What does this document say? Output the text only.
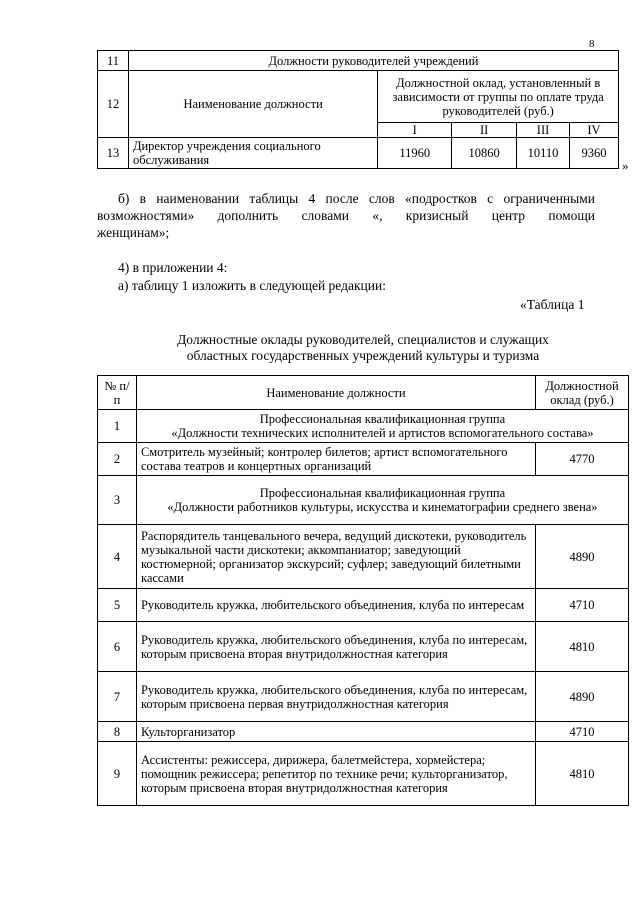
8
11	Должности руководителей учреждений				
12	Наименование должности	Должностной оклад, установленный в зависимости от группы по оплате труда руководителей (руб.)			
		I	II	III	IV
13	Директор учреждения социального обслуживания	11960	10860	10110	9360
»
б) в наименовании таблицы 4 после слов «подростков с ограниченными
возможностями» дополнить словами «, кризисный центр помощи
женщинам»;
4) в приложении 4:
а) таблицу 1 изложить в следующей редакции:
«Таблица 1
Должностные оклады руководителей, специалистов и служащих
областных государственных учреждений культуры и туризма
№ п/п	Наименование должности	Должностной оклад (руб.)
1	Профессиональная квалификационная группа
«Должности технических исполнителей и артистов вспомогательного состава»	

2	Смотритель музейный; контролер билетов; артист вспомогательного состава театров и концертных организаций	4770
3	Профессиональная квалификационная группа
«Должности работников культуры, искусства и кинематографии среднего звена»	

4	Распорядитель танцевального вечера, ведущий дискотеки, руководитель музыкальной части дискотеки; аккомпаниатор; заведующий костюмерной; организатор экскурсий; суфлер; заведующий билетными кассами	4890
5	Руководитель кружка, любительского объединения, клуба по интересам	4710
6	Руководитель кружка, любительского объединения, клуба по интересам, которым присвоена вторая внутридолжностная категория	4810
7	Руководитель кружка, любительского объединения, клуба по интересам, которым присвоена первая внутридолжностная категория	4890
8	Культорганизатор	4710
9	Ассистенты: режиссера, дирижера, балетмейстера, хормейстера; помощник режиссера; репетитор по технике речи; культорганизатор, которым присвоена вторая внутридолжностная категория	4810
